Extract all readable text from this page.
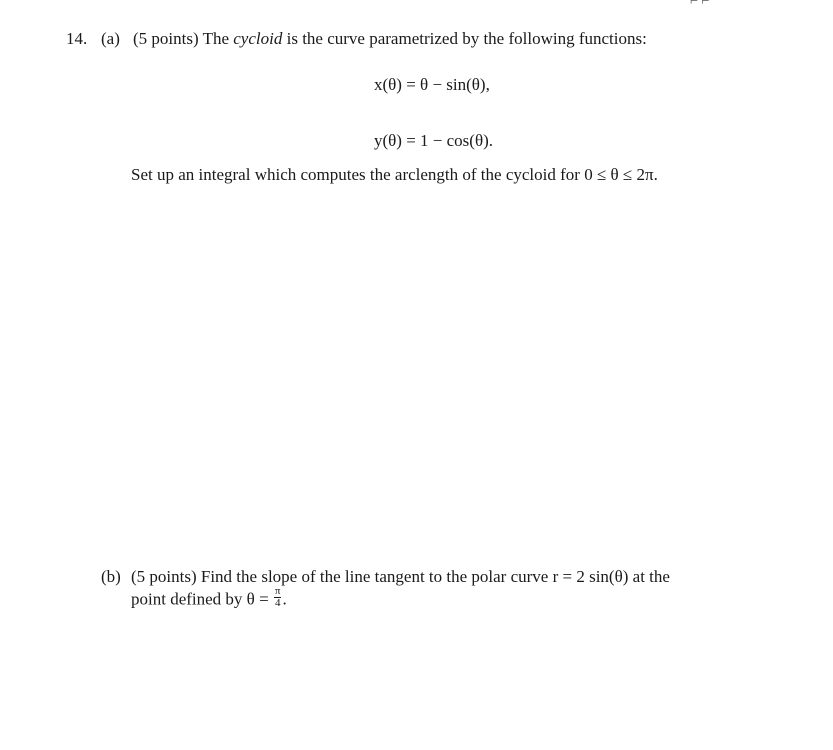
⌐ ⌐
14. (a) (5 points) The cycloid is the curve parametrized by the following functions:
x(θ) = θ − sin(θ),
y(θ) = 1 − cos(θ).
Set up an integral which computes the arclength of the cycloid for 0 ≤ θ ≤ 2π.
(b) (5 points) Find the slope of the line tangent to the polar curve r = 2 sin(θ) at the
point defined by $\theta = \frac{\pi}{4}$ .
